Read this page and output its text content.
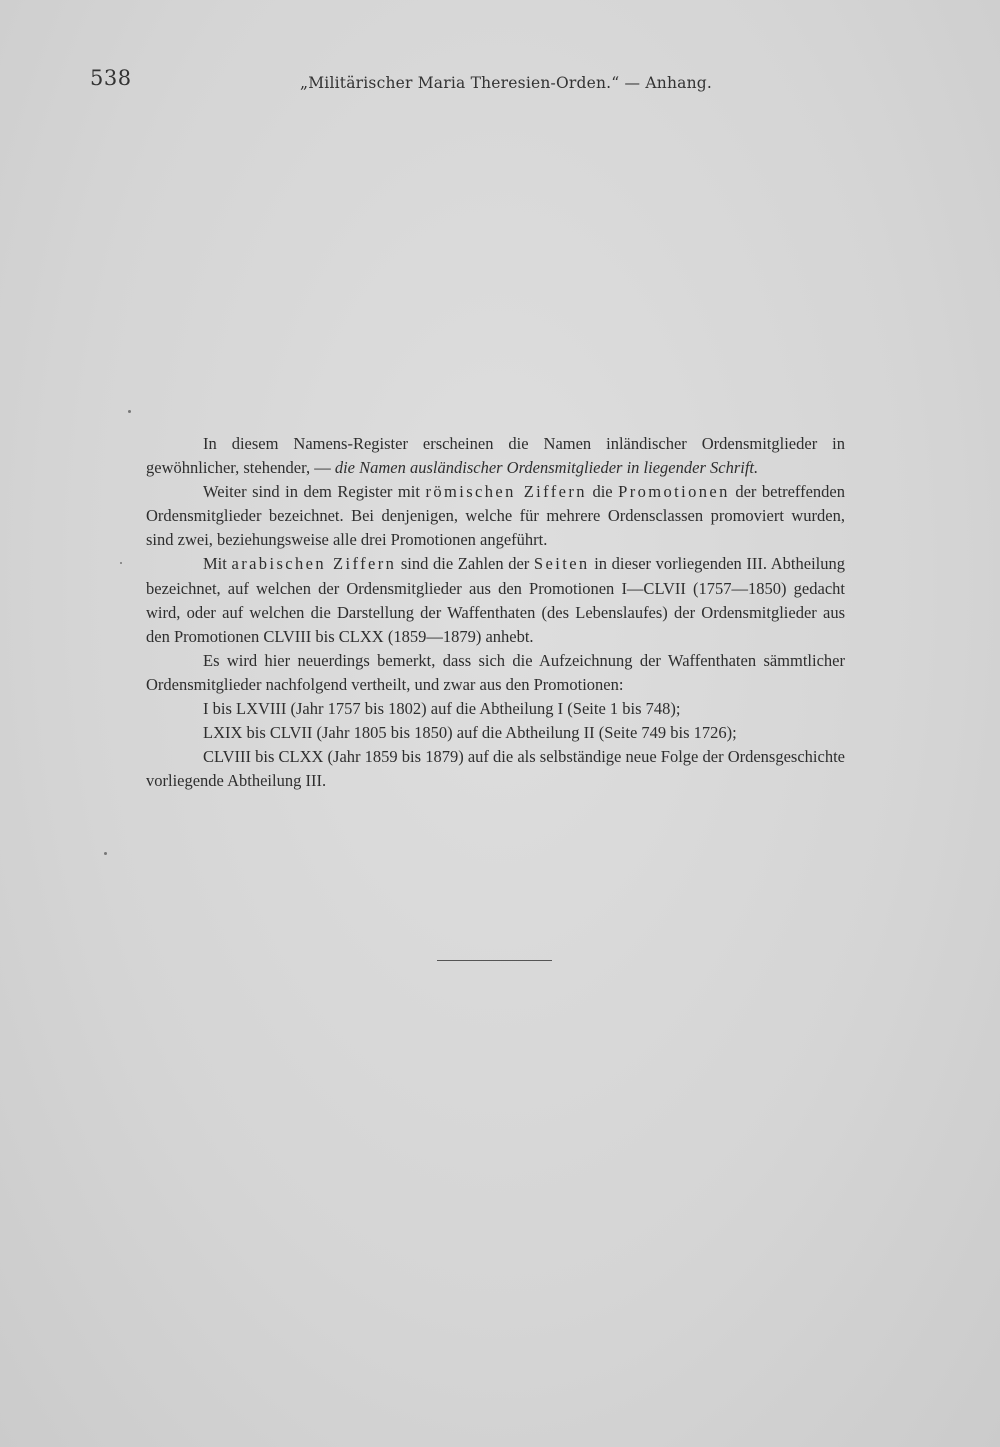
538	„Militärischer Maria Theresien-Orden.“ — Anhang.

In diesem Namens-Register erscheinen die Namen inländischer Ordensmitglieder in gewöhnlicher, stehender, — die Namen ausländischer Ordensmitglieder in liegender Schrift.

Weiter sind in dem Register mit römischen Ziffern die Promotionen der betreffenden Ordensmitglieder bezeichnet. Bei denjenigen, welche für mehrere Ordensclassen promoviert wurden, sind zwei, beziehungsweise alle drei Promotionen angeführt.

Mit arabischen Ziffern sind die Zahlen der Seiten in dieser vorliegenden III. Abtheilung bezeichnet, auf welchen der Ordensmitglieder aus den Promotionen I—CLVII (1757—1850) gedacht wird, oder auf welchen die Darstellung der Waffenthaten (des Lebenslaufes) der Ordensmitglieder aus den Promotionen CLVIII bis CLXX (1859—1879) anhebt.

Es wird hier neuerdings bemerkt, dass sich die Aufzeichnung der Waffenthaten sämmtlicher Ordensmitglieder nachfolgend vertheilt, und zwar aus den Promotionen:

I bis LXVIII (Jahr 1757 bis 1802) auf die Abtheilung I (Seite 1 bis 748);

LXIX bis CLVII (Jahr 1805 bis 1850) auf die Abtheilung II (Seite 749 bis 1726);

CLVIII bis CLXX (Jahr 1859 bis 1879) auf die als selbständige neue Folge der Ordensgeschichte vorliegende Abtheilung III.
